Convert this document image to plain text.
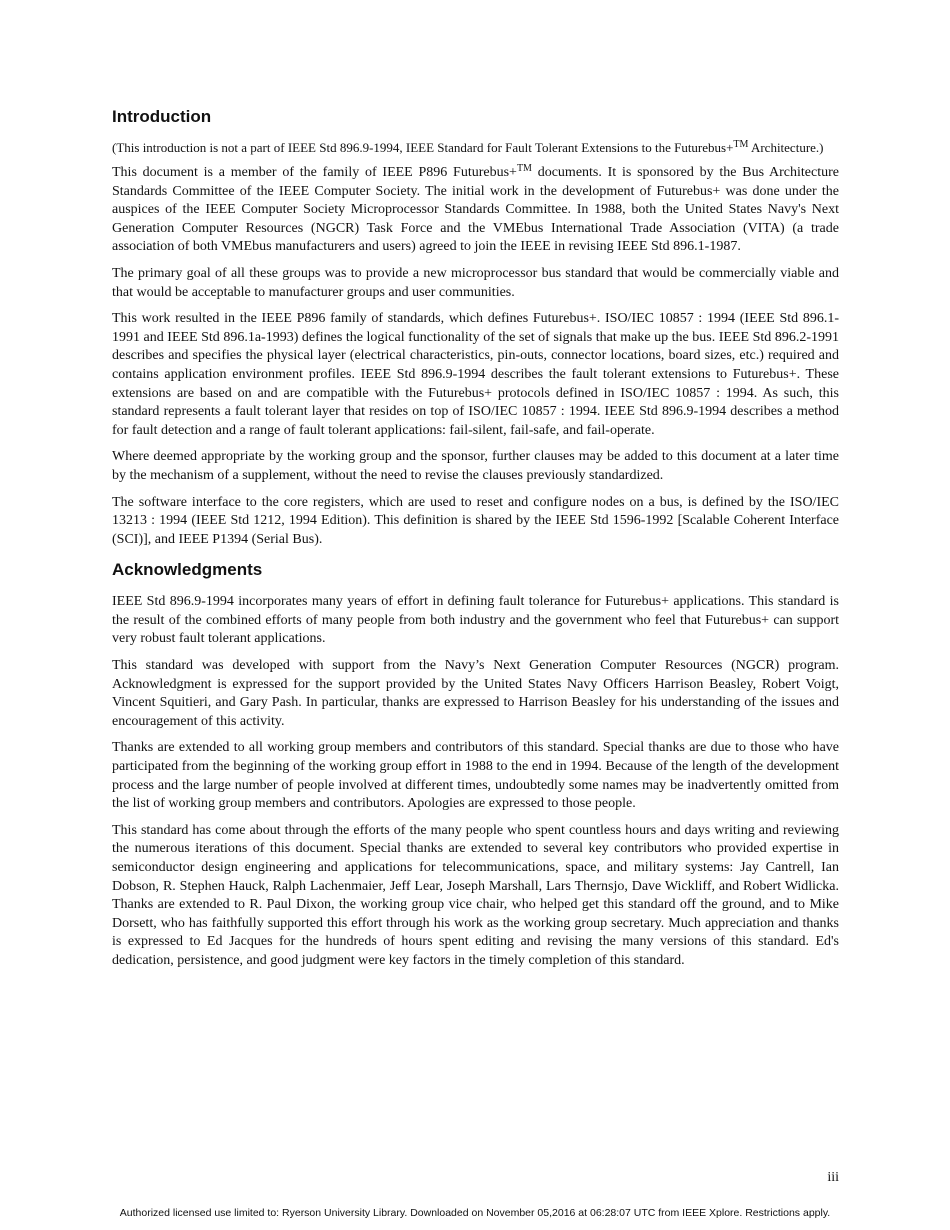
Introduction

(This introduction is not a part of IEEE Std 896.9-1994, IEEE Standard for Fault Tolerant Extensions to the Futurebus+™ Architecture.)

This document is a member of the family of IEEE P896 Futurebus+™ documents. It is sponsored by the Bus Architecture Standards Committee of the IEEE Computer Society. The initial work in the development of Futurebus+ was done under the auspices of the IEEE Computer Society Microprocessor Standards Committee. In 1988, both the United States Navy's Next Generation Computer Resources (NGCR) Task Force and the VMEbus International Trade Association (VITA) (a trade association of both VMEbus manufacturers and users) agreed to join the IEEE in revising IEEE Std 896.1-1987.

The primary goal of all these groups was to provide a new microprocessor bus standard that would be commercially viable and that would be acceptable to manufacturer groups and user communities.

This work resulted in the IEEE P896 family of standards, which defines Futurebus+. ISO/IEC 10857 : 1994 (IEEE Std 896.1-1991 and IEEE Std 896.1a-1993) defines the logical functionality of the set of signals that make up the bus. IEEE Std 896.2-1991 describes and specifies the physical layer (electrical characteristics, pin-outs, connector locations, board sizes, etc.) required and contains application environment profiles. IEEE Std 896.9-1994 describes the fault tolerant extensions to Futurebus+. These extensions are based on and are compatible with the Futurebus+ protocols defined in ISO/IEC 10857 : 1994. As such, this standard represents a fault tolerant layer that resides on top of ISO/IEC 10857 : 1994. IEEE Std 896.9-1994 describes a method for fault detection and a range of fault tolerant applications: fail-silent, fail-safe, and fail-operate.

Where deemed appropriate by the working group and the sponsor, further clauses may be added to this document at a later time by the mechanism of a supplement, without the need to revise the clauses previously standardized.

The software interface to the core registers, which are used to reset and configure nodes on a bus, is defined by the ISO/IEC 13213 : 1994 (IEEE Std 1212, 1994 Edition). This definition is shared by the IEEE Std 1596-1992 [Scalable Coherent Interface (SCI)], and IEEE P1394 (Serial Bus).

Acknowledgments

IEEE Std 896.9-1994 incorporates many years of effort in defining fault tolerance for Futurebus+ applications. This standard is the result of the combined efforts of many people from both industry and the government who feel that Futurebus+ can support very robust fault tolerant applications.

This standard was developed with support from the Navy’s Next Generation Computer Resources (NGCR) program. Acknowledgment is expressed for the support provided by the United States Navy Officers Harrison Beasley, Robert Voigt, Vincent Squitieri, and Gary Pash. In particular, thanks are expressed to Harrison Beasley for his understanding of the issues and encouragement of this activity.

Thanks are extended to all working group members and contributors of this standard. Special thanks are due to those who have participated from the beginning of the working group effort in 1988 to the end in 1994. Because of the length of the development process and the large number of people involved at different times, undoubtedly some names may be inadvertently omitted from the list of working group members and contributors. Apologies are expressed to those people.

This standard has come about through the efforts of the many people who spent countless hours and days writing and reviewing the numerous iterations of this document. Special thanks are extended to several key contributors who provided expertise in semiconductor design engineering and applications for telecommunications, space, and military systems: Jay Cantrell, Ian Dobson, R. Stephen Hauck, Ralph Lachenmaier, Jeff Lear, Joseph Marshall, Lars Thernsjo, Dave Wickliff, and Robert Widlicka. Thanks are extended to R. Paul Dixon, the working group vice chair, who helped get this standard off the ground, and to Mike Dorsett, who has faithfully supported this effort through his work as the working group secretary. Much appreciation and thanks is expressed to Ed Jacques for the hundreds of hours spent editing and revising the many versions of this standard. Ed's dedication, persistence, and good judgment were key factors in the timely completion of this standard.

iii
Authorized licensed use limited to: Ryerson University Library. Downloaded on November 05,2016 at 06:28:07 UTC from IEEE Xplore. Restrictions apply.
